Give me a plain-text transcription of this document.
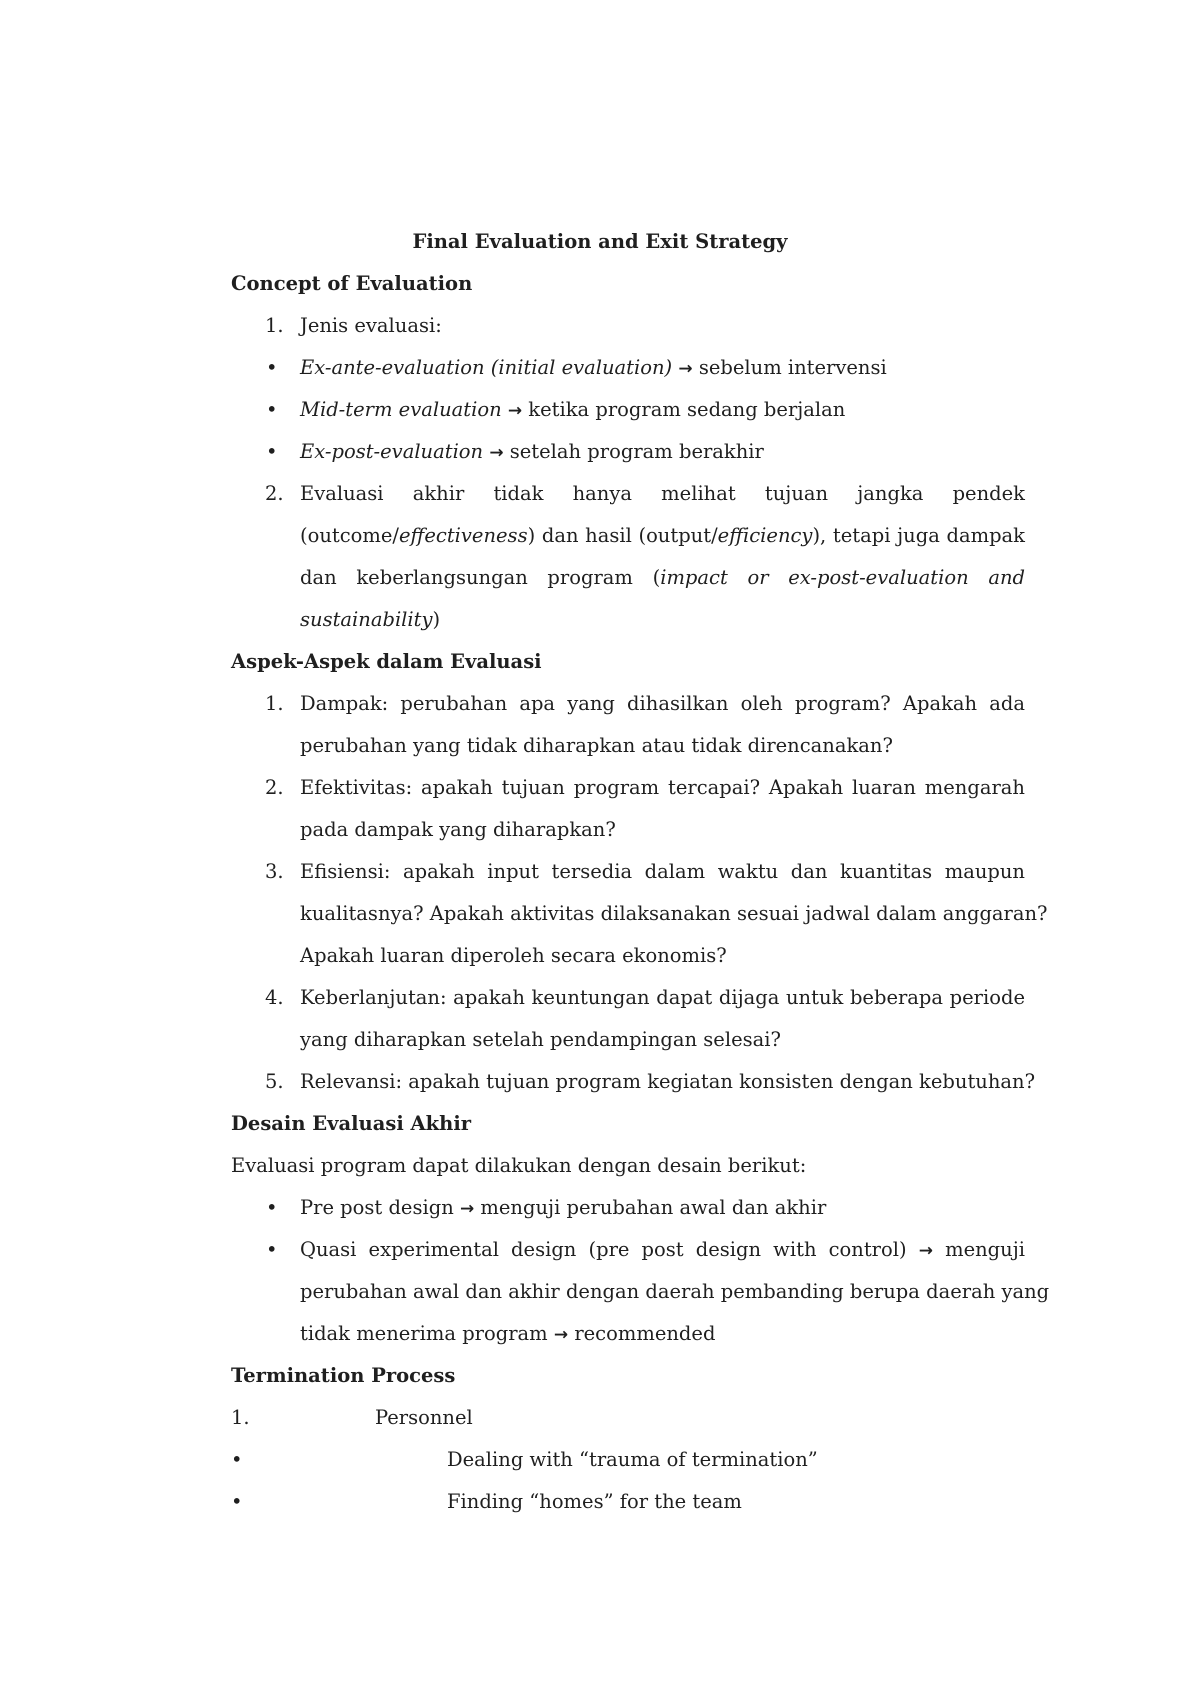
Final Evaluation and Exit Strategy
Concept of Evaluation
1. Jenis evaluasi:
• Ex-ante-evaluation (initial evaluation) → sebelum intervensi
• Mid-term evaluation → ketika program sedang berjalan
• Ex-post-evaluation → setelah program berakhir
2. Evaluasi akhir tidak hanya melihat tujuan jangka pendek
(outcome/effectiveness) dan hasil (output/efficiency), tetapi juga dampak
dan keberlangsungan program (impact or ex-post-evaluation and
sustainability)
Aspek-Aspek dalam Evaluasi
1. Dampak: perubahan apa yang dihasilkan oleh program? Apakah ada
perubahan yang tidak diharapkan atau tidak direncanakan?
2. Efektivitas: apakah tujuan program tercapai? Apakah luaran mengarah
pada dampak yang diharapkan?
3. Efisiensi: apakah input tersedia dalam waktu dan kuantitas maupun
kualitasnya? Apakah aktivitas dilaksanakan sesuai jadwal dalam anggaran?
Apakah luaran diperoleh secara ekonomis?
4. Keberlanjutan: apakah keuntungan dapat dijaga untuk beberapa periode
yang diharapkan setelah pendampingan selesai?
5. Relevansi: apakah tujuan program kegiatan konsisten dengan kebutuhan?
Desain Evaluasi Akhir
Evaluasi program dapat dilakukan dengan desain berikut:
• Pre post design → menguji perubahan awal dan akhir
• Quasi experimental design (pre post design with control) → menguji
perubahan awal dan akhir dengan daerah pembanding berupa daerah yang
tidak menerima program → recommended
Termination Process
1.	Personnel
•	Dealing with “trauma of termination”
•	Finding “homes” for the team
